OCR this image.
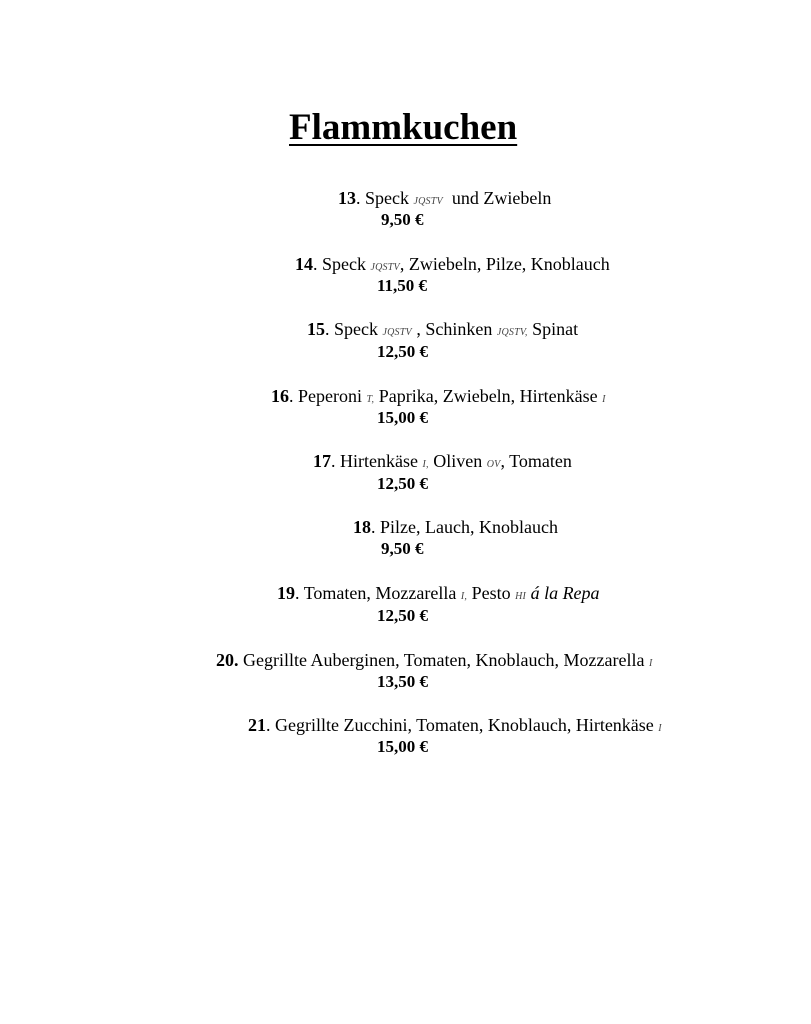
Flammkuchen
13. Speck JQSTV  und Zwiebeln
9,50 €
14. Speck JQSTV, Zwiebeln, Pilze, Knoblauch
11,50 €
15. Speck JQSTV , Schinken JQSTV, Spinat
12,50 €
16. Peperoni T, Paprika, Zwiebeln, Hirtenkäse I
15,00 €
17. Hirtenkäse I, Oliven OV, Tomaten
12,50 €
18. Pilze, Lauch, Knoblauch
9,50 €
19. Tomaten, Mozzarella I, Pesto HI á la Repa
12,50 €
20. Gegrillte Auberginen, Tomaten, Knoblauch, Mozzarella I
13,50 €
21. Gegrillte Zucchini, Tomaten, Knoblauch, Hirtenkäse I
15,00 €
